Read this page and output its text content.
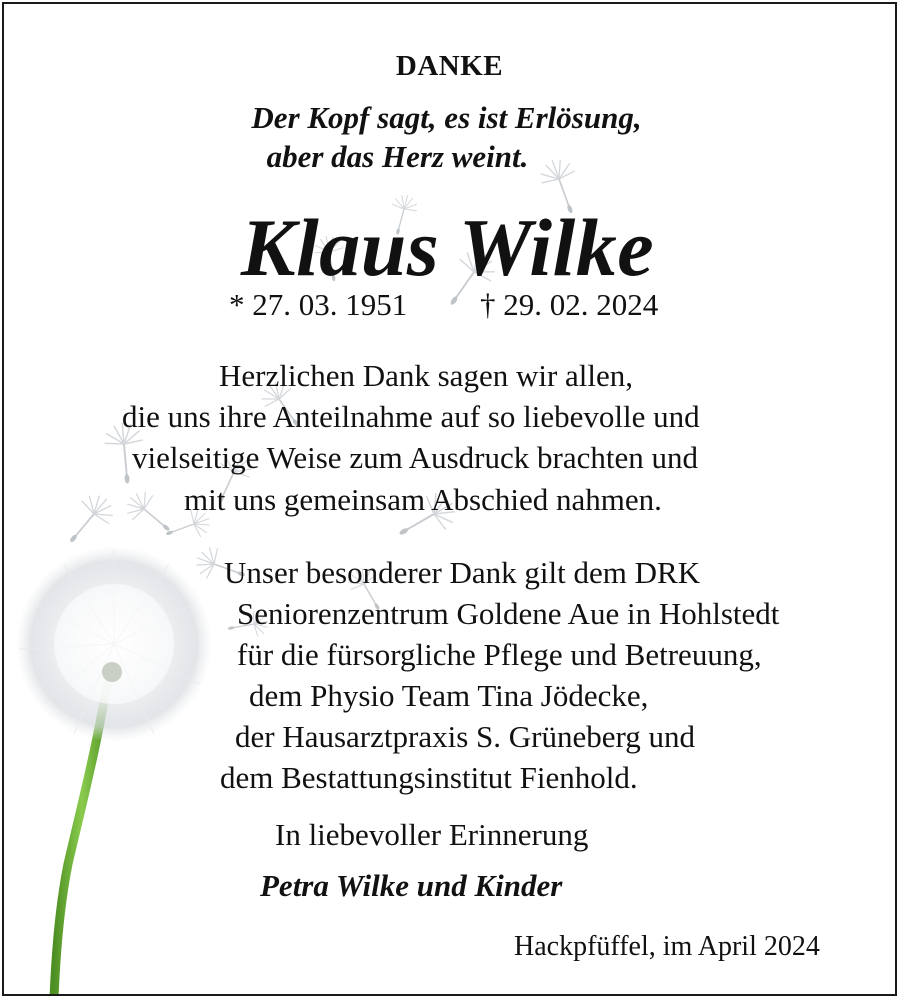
DANKE
Der Kopf sagt, es ist Erlösung,
aber das Herz weint.
Klaus Wilke
* 27. 03. 1951 † 29. 02. 2024
Herzlichen Dank sagen wir allen,
die uns ihre Anteilnahme auf so liebevolle und
vielseitige Weise zum Ausdruck brachten und
mit uns gemeinsam Abschied nahmen.
Unser besonderer Dank gilt dem DRK
Seniorenzentrum Goldene Aue in Hohlstedt
für die fürsorgliche Pflege und Betreuung,
dem Physio Team Tina Jödecke,
der Hausarztpraxis S. Grüneberg und
dem Bestattungsinstitut Fienhold.
In liebevoller Erinnerung
Petra Wilke und Kinder
Hackpfüffel, im April 2024
